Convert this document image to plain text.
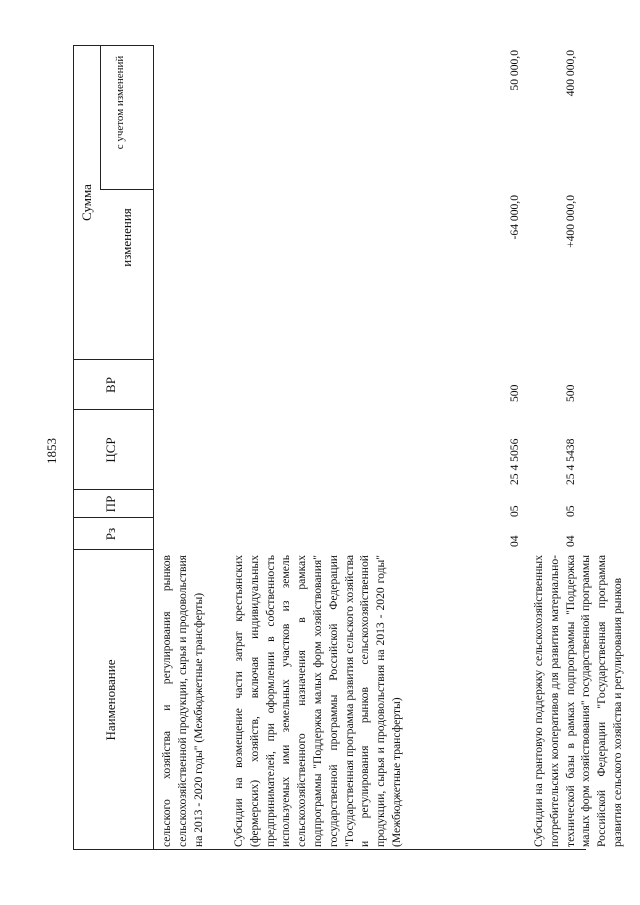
1853
Наименование
Рз
ПР
ЦСР
ВР
Сумма
изменения
с учетом изменений
сельского хозяйства и регулирования рынков сельскохозяйственной продукции, сырья и продовольствия на 2013 - 2020 годы" (Межбюджетные трансферты) Субсидии на возмещение части затрат крестьянских (фермерских) хозяйств, включая индивидуальных предпринимателей, при оформлении в собственность используемых ими земельных участков из земель сельскохозяйственного назначения в рамках подпрограммы "Поддержка малых форм хозяйствования" государственной программы Российской Федерации "Государственная программа развития сельского хозяйства и регулирования рынков сельскохозяйственной продукции, сырья и продовольствия на 2013 - 2020 годы" (Межбюджетные трансферты)
04
05
25 4 5056
500
-64 000,0
50 000,0
Субсидии на грантовую поддержку сельскохозяйственных потребительских кооперативов для развития материально-технической базы в рамках подпрограммы "Поддержка малых форм хозяйствования" государственной программы Российской Федерации "Государственная программа развития сельского хозяйства и регулирования рынков
04
05
25 4 5438
500
+400 000,0
400 000,0
